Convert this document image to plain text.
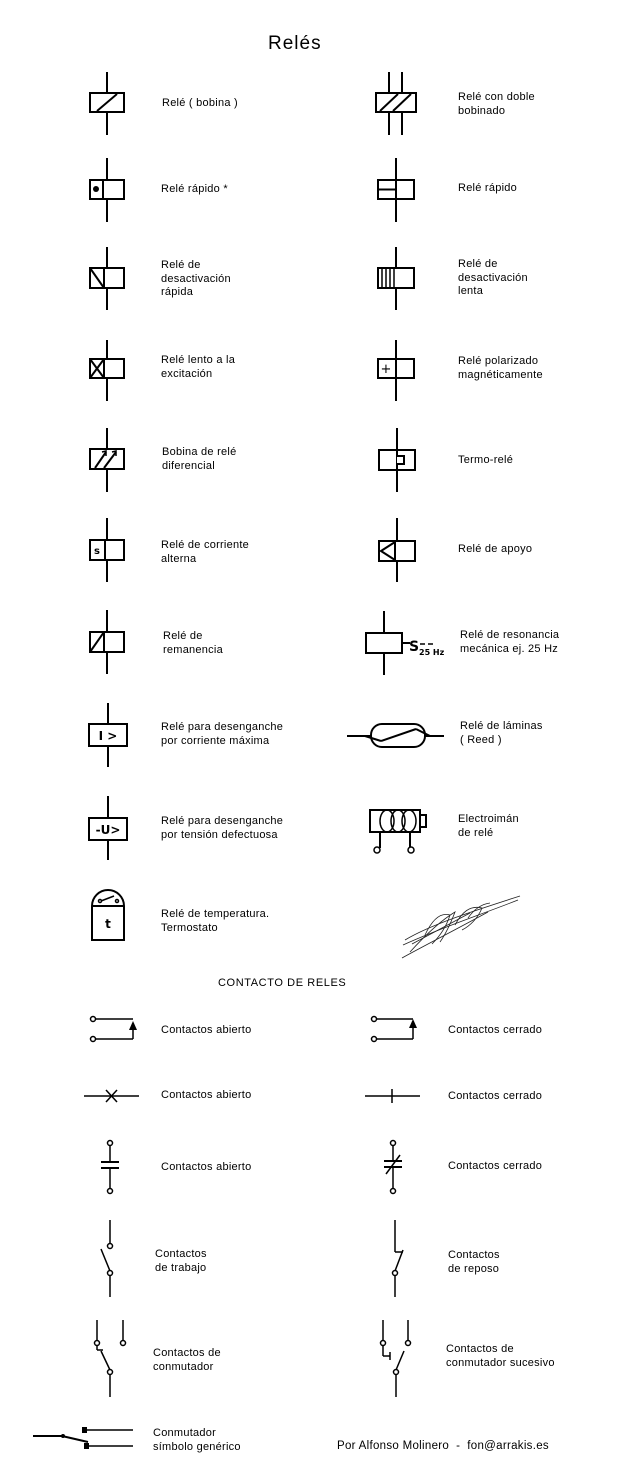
Relés
CONTACTO DE RELES
Relé ( bobina )
Relé rápido *
Relé de
desactivación
rápida
Relé lento a la
excitación
Bobina de relé
diferencial
Relé de corriente
alterna
Relé de
remanencia
Relé para desenganche
por corriente máxima
Relé para desenganche
por tensión defectuosa
Relé de temperatura.
Termostato
Relé con doble
bobinado
Relé rápido
Relé de
desactivación
lenta
Relé polarizado
magnéticamente
Termo-relé
Relé de apoyo
Relé de resonancia
mecánica ej. 25 Hz
Relé de láminas
( Reed )
Electroimán
de relé
Contactos abierto
Contactos abierto
Contactos abierto
Contactos
de trabajo
Contactos de
conmutador
Conmutador
símbolo genérico
Contactos cerrado
Contactos cerrado
Contactos cerrado
Contactos
de reposo
Contactos de
conmutador sucesivo
Por Alfonso Molinero - fon@arrakis.es
+
s
S 25 Hz
I >
-U>
t
